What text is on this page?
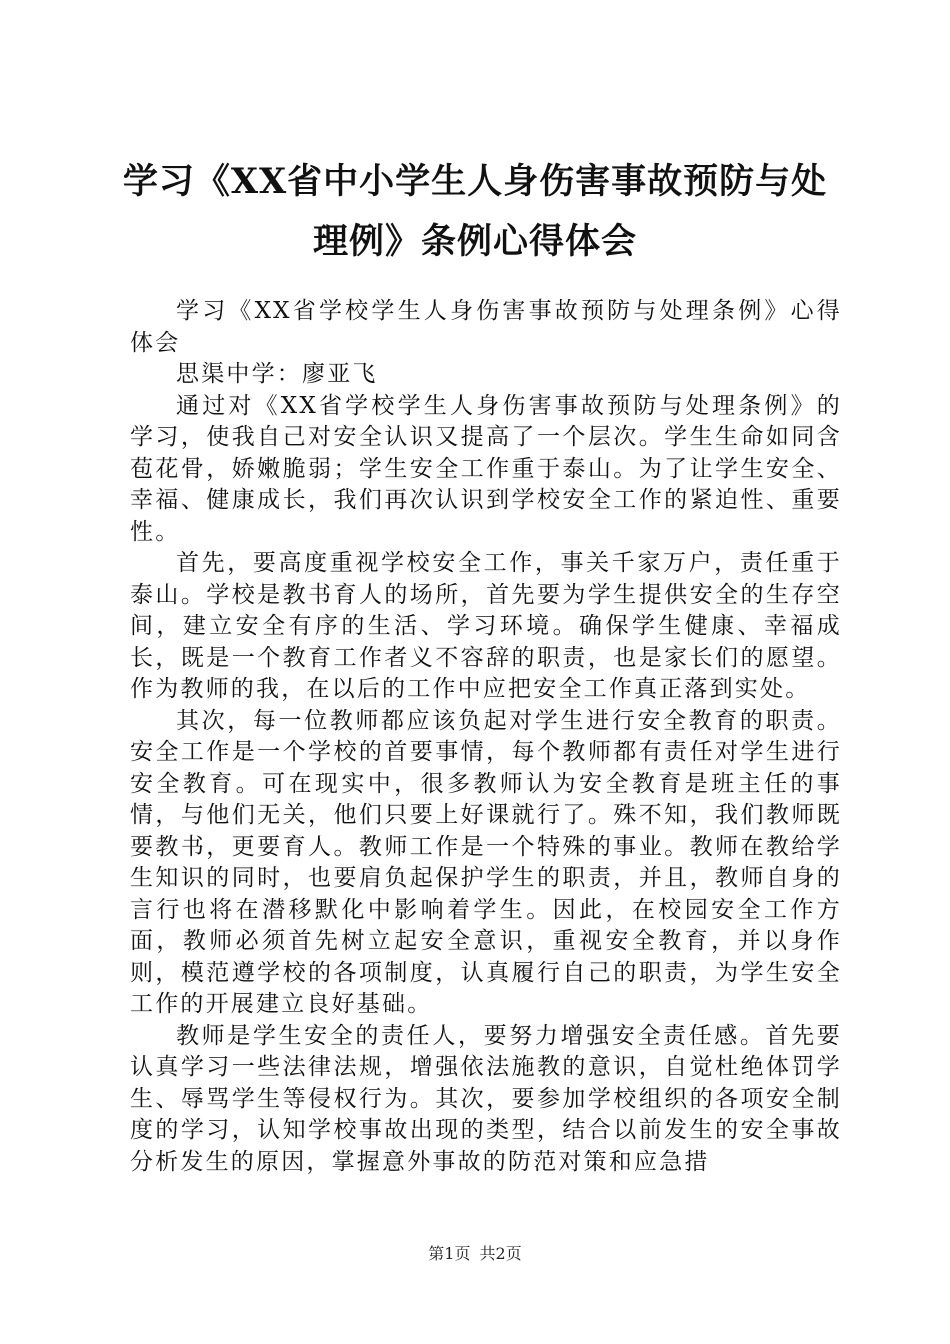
学习《XX省中小学生人身伤害事故预防与处
理例》条例心得体会

学习《XX省学校学生人身伤害事故预防与处理条例》心得体会

思渠中学：廖亚飞

通过对《XX省学校学生人身伤害事故预防与处理条例》的学习，使我自己对安全认识又提高了一个层次。学生生命如同含苞花骨，娇嫩脆弱；学生安全工作重于泰山。为了让学生安全、幸福、健康成长，我们再次认识到学校安全工作的紧迫性、重要性。

首先，要高度重视学校安全工作，事关千家万户，责任重于泰山。学校是教书育人的场所，首先要为学生提供安全的生存空间，建立安全有序的生活、学习环境。确保学生健康、幸福成长，既是一个教育工作者义不容辞的职责，也是家长们的愿望。作为教师的我，在以后的工作中应把安全工作真正落到实处。

其次，每一位教师都应该负起对学生进行安全教育的职责。安全工作是一个学校的首要事情，每个教师都有责任对学生进行安全教育。可在现实中，很多教师认为安全教育是班主任的事情，与他们无关，他们只要上好课就行了。殊不知，我们教师既要教书，更要育人。教师工作是一个特殊的事业。教师在教给学生知识的同时，也要肩负起保护学生的职责，并且，教师自身的言行也将在潜移默化中影响着学生。因此，在校园安全工作方面，教师必须首先树立起安全意识，重视安全教育，并以身作则，模范遵学校的各项制度，认真履行自己的职责，为学生安全工作的开展建立良好基础。

教师是学生安全的责任人，要努力增强安全责任感。首先要认真学习一些法律法规，增强依法施教的意识，自觉杜绝体罚学生、辱骂学生等侵权行为。其次，要参加学校组织的各项安全制度的学习，认知学校事故出现的类型，结合以前发生的安全事故分析发生的原因，掌握意外事故的防范对策和应急措

第1页 共2页
